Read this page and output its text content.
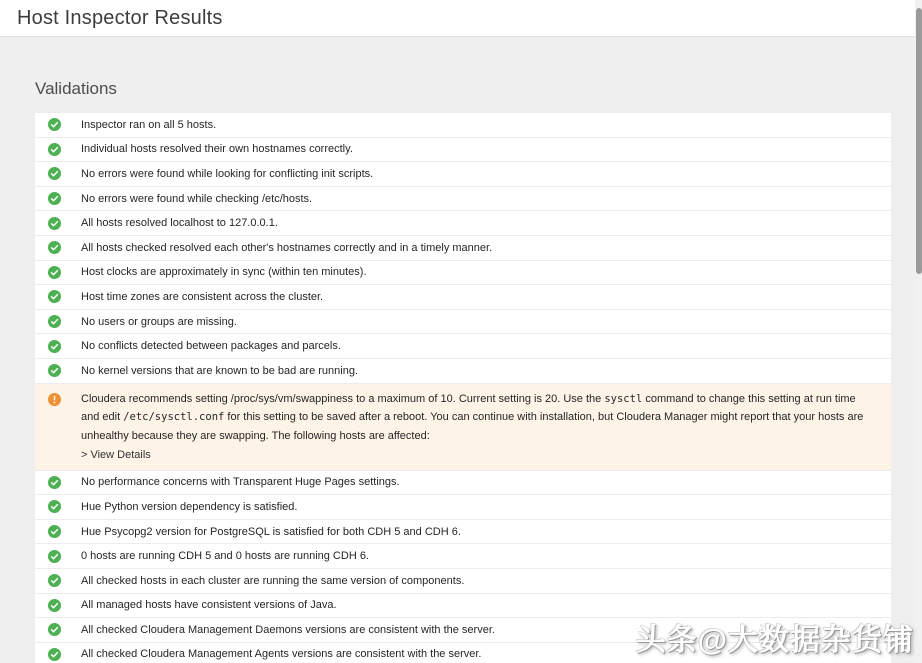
Host Inspector Results
Validations
Inspector ran on all 5 hosts.
Individual hosts resolved their own hostnames correctly.
No errors were found while looking for conflicting init scripts.
No errors were found while checking /etc/hosts.
All hosts resolved localhost to 127.0.0.1.
All hosts checked resolved each other's hostnames correctly and in a timely manner.
Host clocks are approximately in sync (within ten minutes).
Host time zones are consistent across the cluster.
No users or groups are missing.
No conflicts detected between packages and parcels.
No kernel versions that are known to be bad are running.
Cloudera recommends setting /proc/sys/vm/swappiness to a maximum of 10. Current setting is 20. Use the sysctl command to change this setting at run time and edit /etc/sysctl.conf for this setting to be saved after a reboot. You can continue with installation, but Cloudera Manager might report that your hosts are unhealthy because they are swapping. The following hosts are affected:
> View Details
No performance concerns with Transparent Huge Pages settings.
Hue Python version dependency is satisfied.
Hue Psycopg2 version for PostgreSQL is satisfied for both CDH 5 and CDH 6.
0 hosts are running CDH 5 and 0 hosts are running CDH 6.
All checked hosts in each cluster are running the same version of components.
All managed hosts have consistent versions of Java.
All checked Cloudera Management Daemons versions are consistent with the server.
All checked Cloudera Management Agents versions are consistent with the server.	头条@大数据杂货铺
